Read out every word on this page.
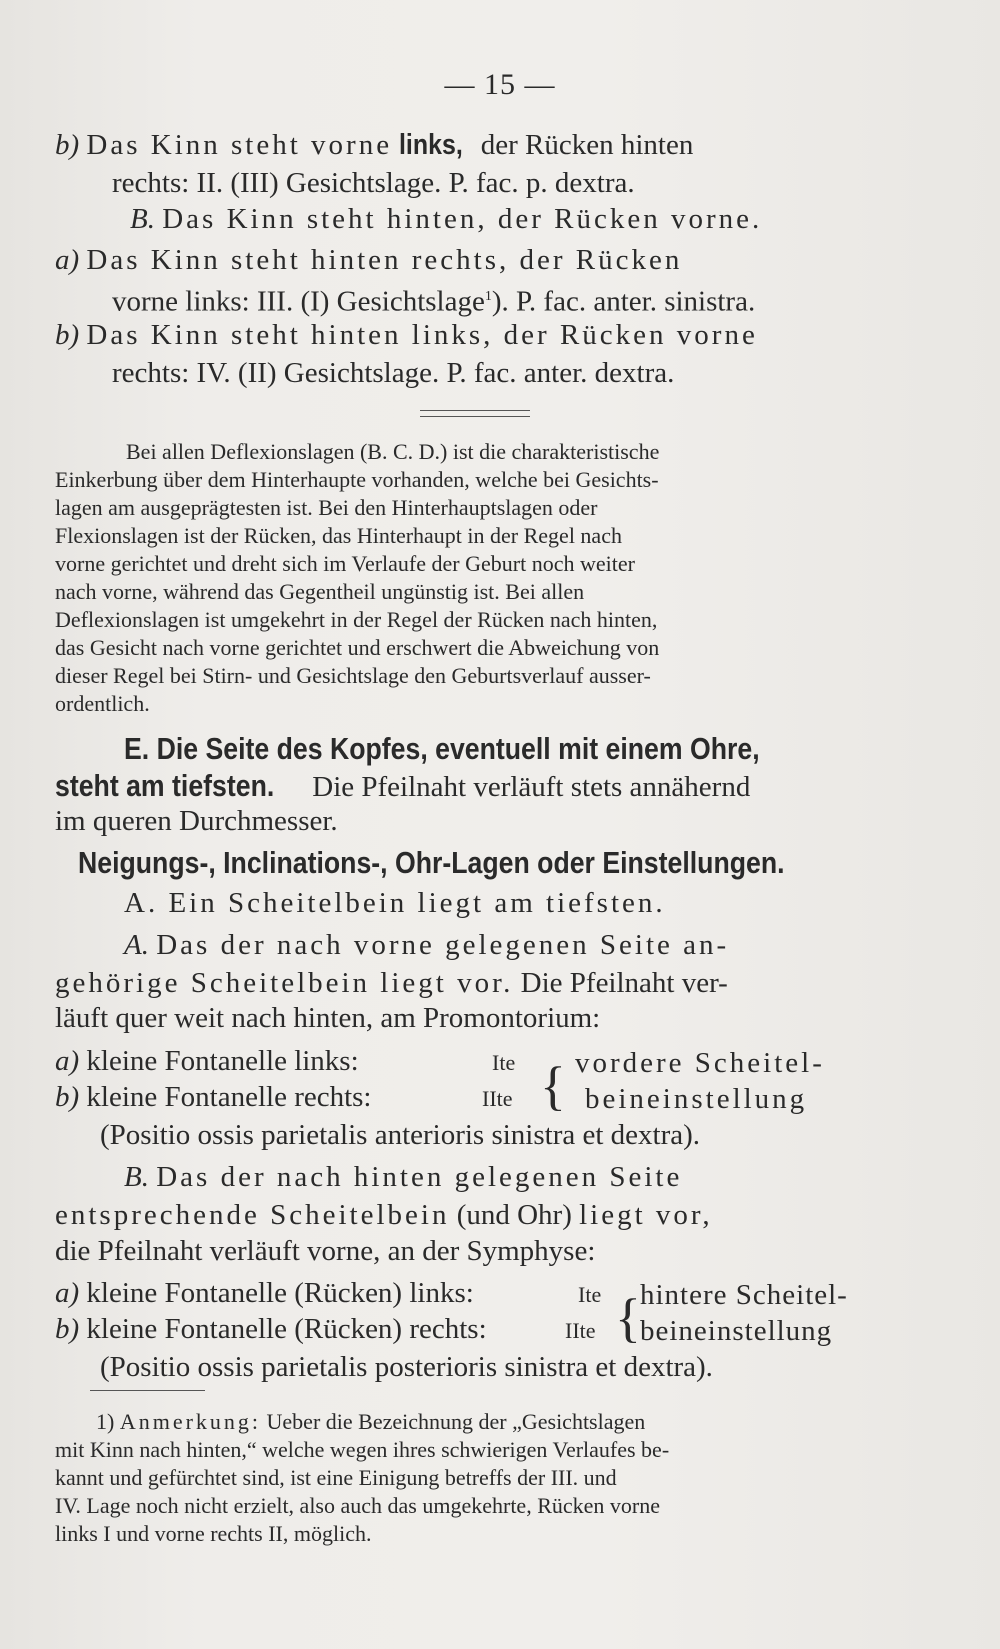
— 15 —
b) Das Kinn steht vorne links, der Rücken hinten
rechts: II. (III) Gesichtslage. P. fac. p. dextra.
B. Das Kinn steht hinten, der Rücken vorne.
a) Das Kinn steht hinten rechts, der Rücken
vorne links: III. (I) Gesichtslage$^1$). P. fac. anter. sinistra.
b) Das Kinn steht hinten links, der Rücken vorne
rechts: IV. (II) Gesichtslage. P. fac. anter. dextra.
Bei allen Deflexionslagen (B. C. D.) ist die charakteristische
Einkerbung über dem Hinterhaupte vorhanden, welche bei Gesichts-
lagen am ausgeprägtesten ist. Bei den Hinterhauptslagen oder
Flexionslagen ist der Rücken, das Hinterhaupt in der Regel nach
vorne gerichtet und dreht sich im Verlaufe der Geburt noch weiter
nach vorne, während das Gegentheil ungünstig ist. Bei allen
Deflexionslagen ist umgekehrt in der Regel der Rücken nach hinten,
das Gesicht nach vorne gerichtet und erschwert die Abweichung von
dieser Regel bei Stirn- und Gesichtslage den Geburtsverlauf ausser-
ordentlich.
E. Die Seite des Kopfes, eventuell mit einem Ohre,
steht am tiefsten. Die Pfeilnaht verläuft stets annähernd
im queren Durchmesser.
Neigungs-, Inclinations-, Ohr-Lagen oder Einstellungen.
A. Ein Scheitelbein liegt am tiefsten.
A. Das der nach vorne gelegenen Seite an-
gehörige Scheitelbein liegt vor. Die Pfeilnaht ver-
läuft quer weit nach hinten, am Promontorium:
a) kleine Fontanelle links:	Ite
b) kleine Fontanelle rechts:	IIte { vordere Scheitel-
beineinstellung
(Positio ossis parietalis anterioris sinistra et dextra).
B. Das der nach hinten gelegenen Seite
entsprechende Scheitelbein (und Ohr) liegt vor,
die Pfeilnaht verläuft vorne, an der Symphyse:
a) kleine Fontanelle (Rücken) links:	Ite
b) kleine Fontanelle (Rücken) rechts:	IIte { hintere Scheitel-
beineinstellung
(Positio ossis parietalis posterioris sinistra et dextra).
1) Anmerkung: Ueber die Bezeichnung der „Gesichtslagen
mit Kinn nach hinten,“ welche wegen ihres schwierigen Verlaufes be-
kannt und gefürchtet sind, ist eine Einigung betreffs der III. und
IV. Lage noch nicht erzielt, also auch das umgekehrte, Rücken vorne
links I und vorne rechts II, möglich.
